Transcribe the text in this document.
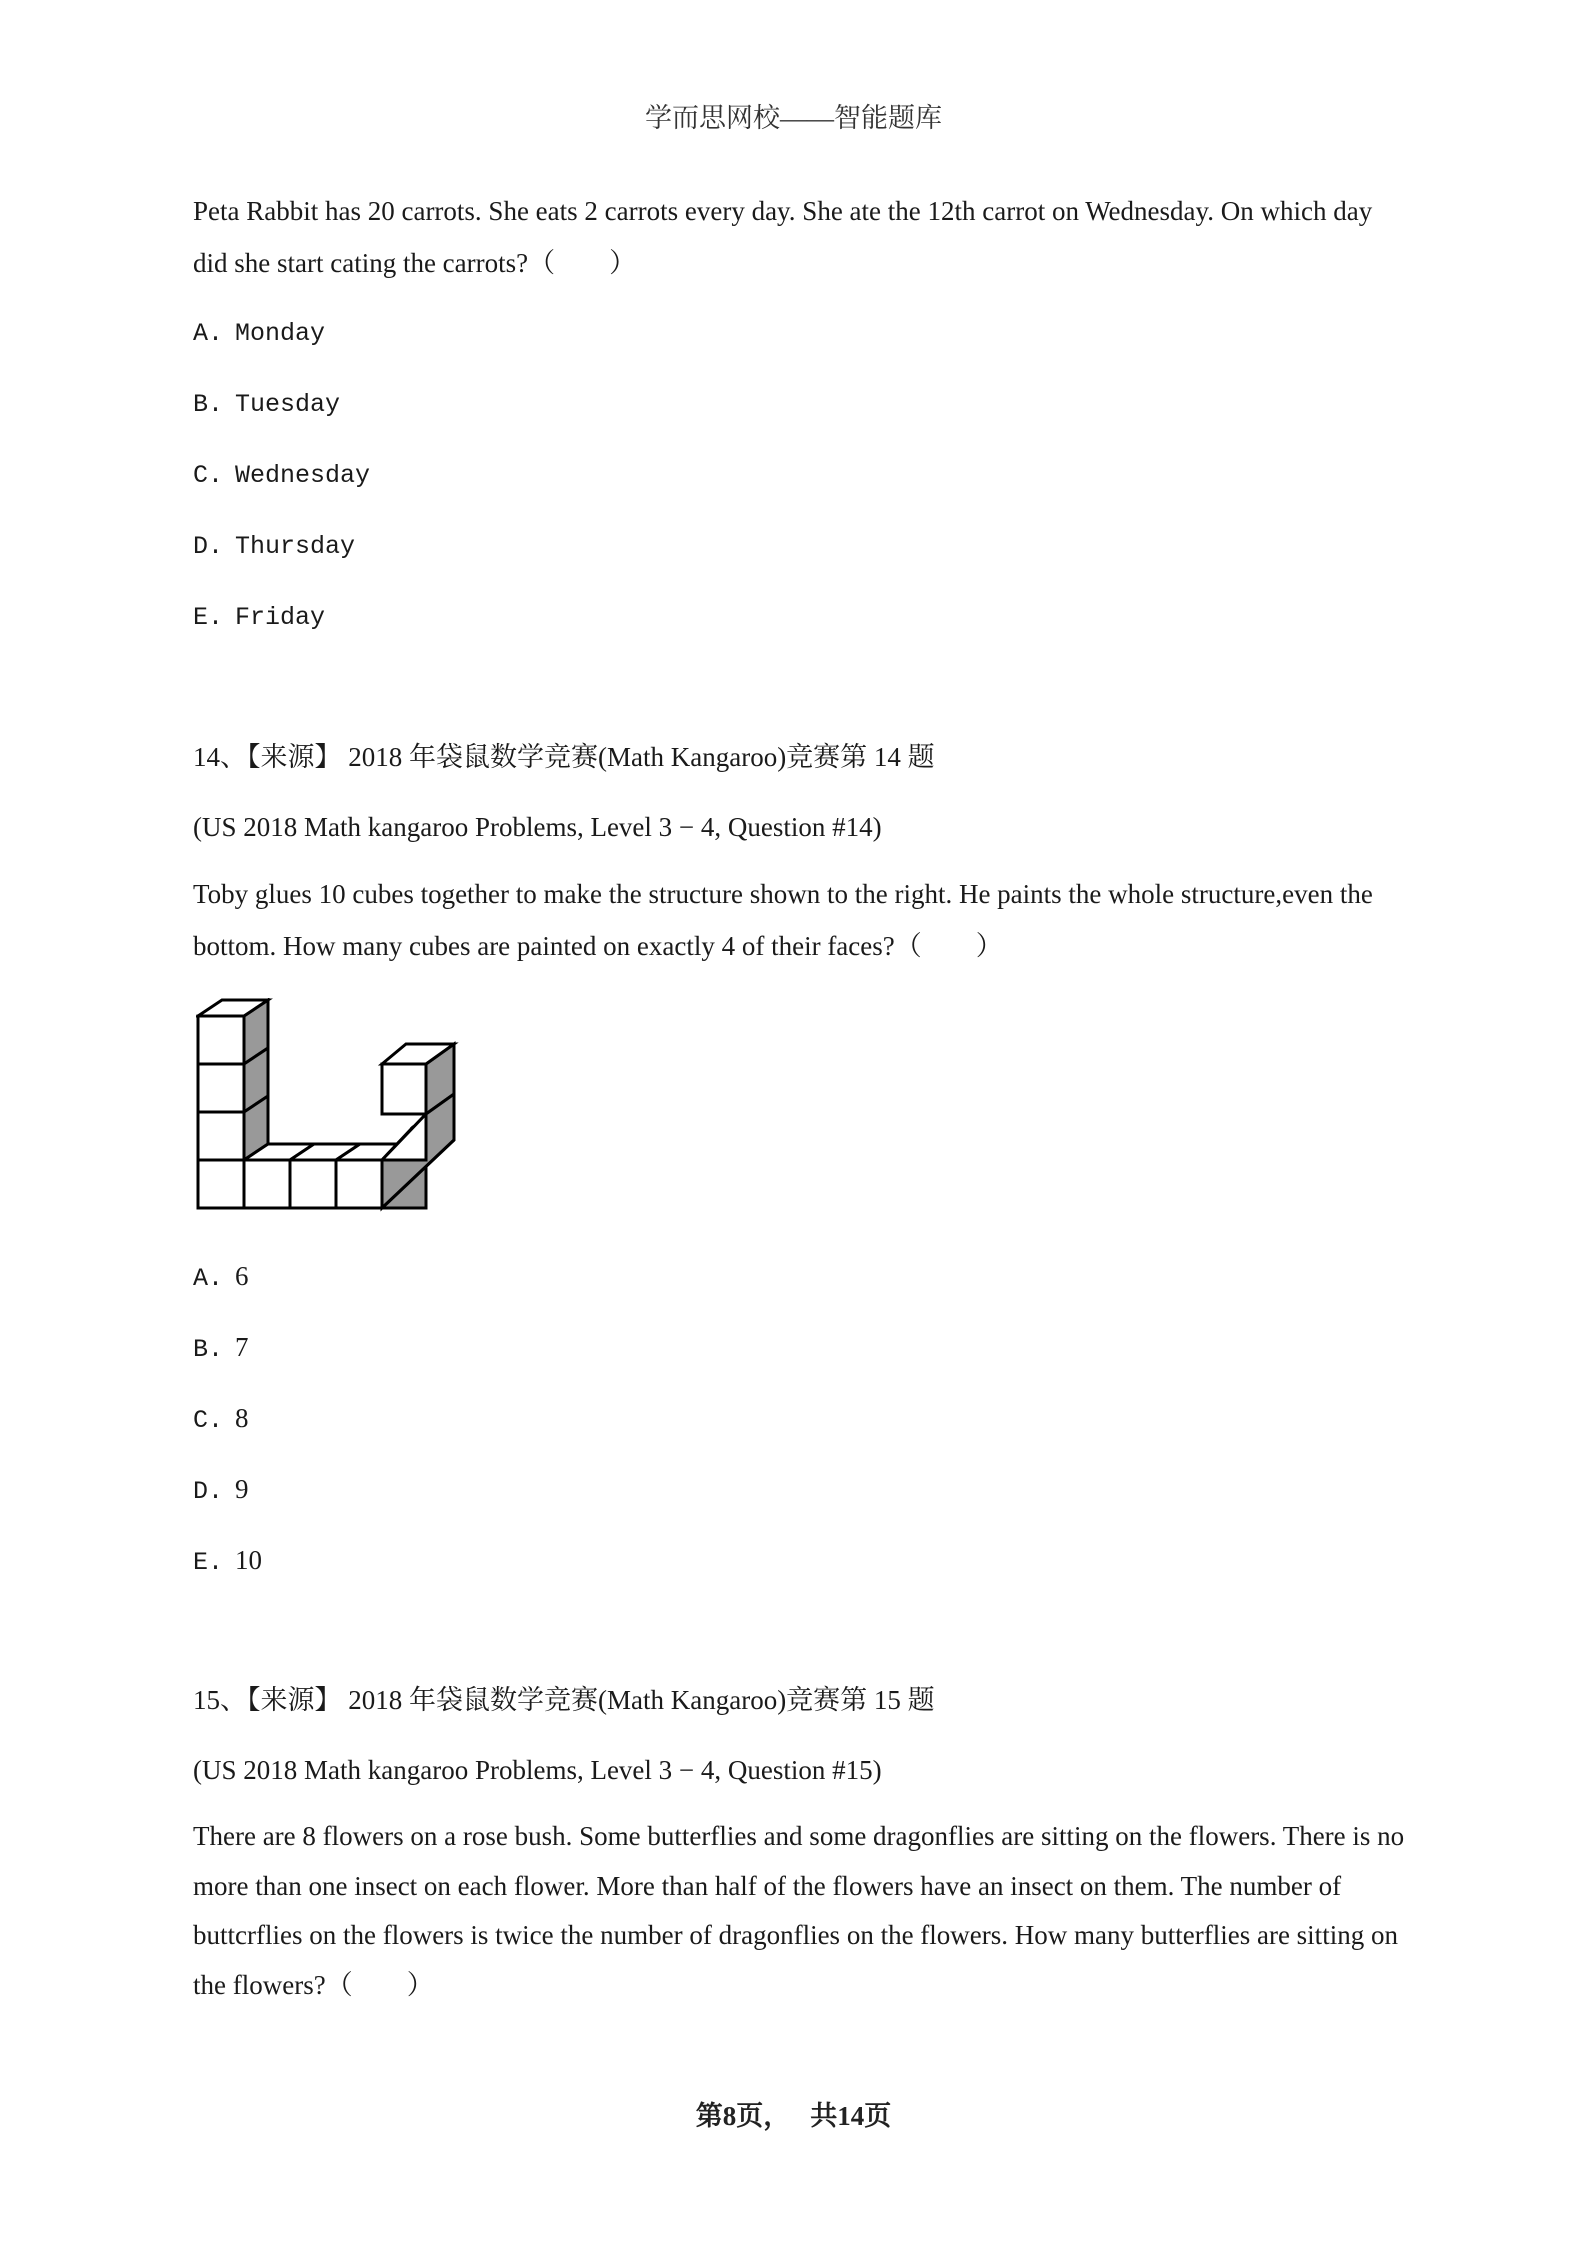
学而思网校——智能题库
Peta Rabbit has 20 carrots. She eats 2 carrots every day. She ate the 12th carrot on Wednesday. On which day did she start cating the carrots?（　　）
A. Monday
B. Tuesday
C. Wednesday
D. Thursday
E. Friday
14、【来源】 2018 年袋鼠数学竞赛(Math Kangaroo)竞赛第 14 题
(US 2018 Math kangaroo Problems, Level 3 − 4, Question #14)
Toby glues 10 cubes together to make the structure shown to the right. He paints the whole structure,even the bottom. How many cubes are painted on exactly 4 of their faces?（　　）
A. 6
B. 7
C. 8
D. 9
E. 10
15、【来源】 2018 年袋鼠数学竞赛(Math Kangaroo)竞赛第 15 题
(US 2018 Math kangaroo Problems, Level 3 − 4, Question #15)
There are 8 flowers on a rose bush. Some butterflies and some dragonflies are sitting on the flowers. There is no more than one insect on each flower. More than half of the flowers have an insect on them. The number of buttcrflies on the flowers is twice the number of dragonflies on the flowers. How many butterflies are sitting on the flowers?（　　）
第8页， 共14页
